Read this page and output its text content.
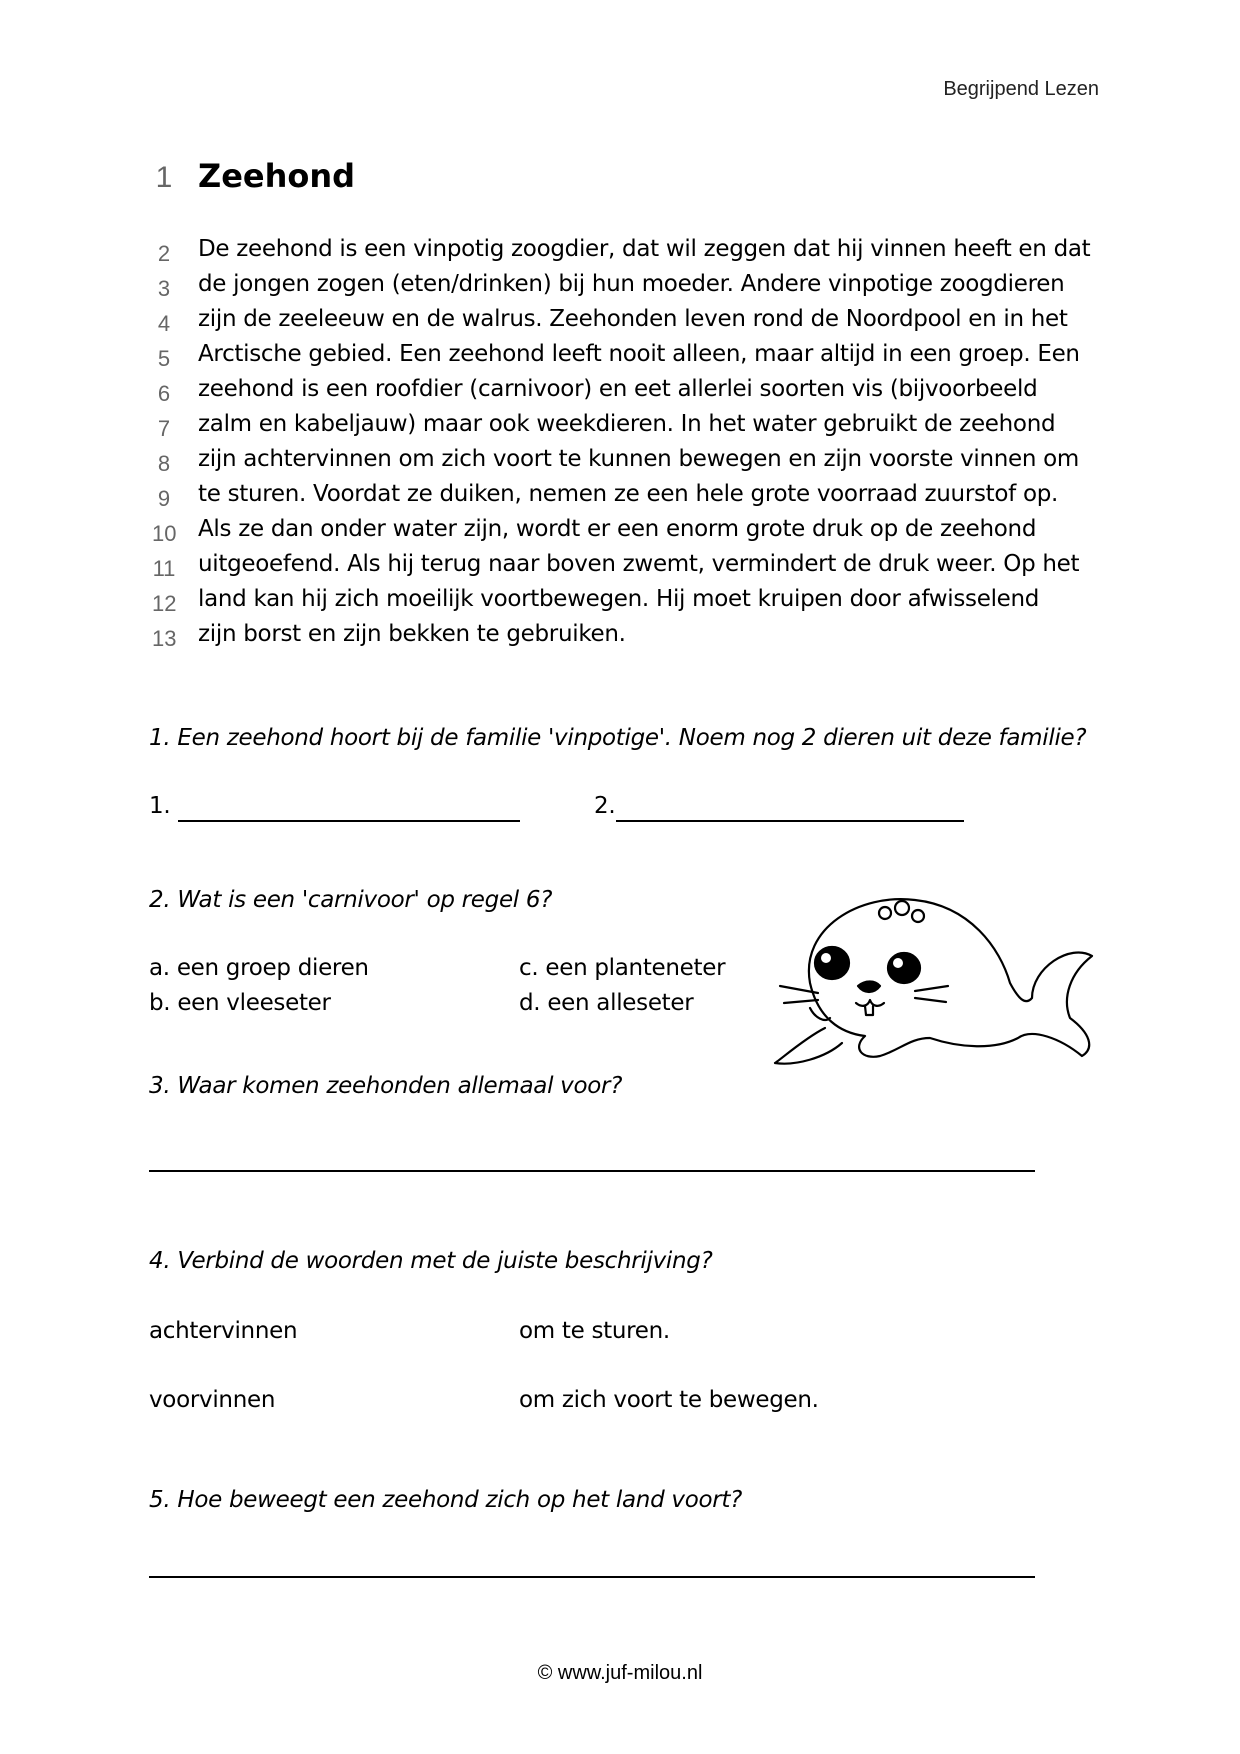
Begrijpend Lezen
1 Zeehond
2 De zeehond is een vinpotig zoogdier, dat wil zeggen dat hij vinnen heeft en dat
3 de jongen zogen (eten/drinken) bij hun moeder. Andere vinpotige zoogdieren
4 zijn de zeeleeuw en de walrus. Zeehonden leven rond de Noordpool en in het
5 Arctische gebied. Een zeehond leeft nooit alleen, maar altijd in een groep. Een
6 zeehond is een roofdier (carnivoor) en eet allerlei soorten vis (bijvoorbeeld
7 zalm en kabeljauw) maar ook weekdieren. In het water gebruikt de zeehond
8 zijn achtervinnen om zich voort te kunnen bewegen en zijn voorste vinnen om
9 te sturen. Voordat ze duiken, nemen ze een hele grote voorraad zuurstof op.
10 Als ze dan onder water zijn, wordt er een enorm grote druk op de zeehond
11 uitgeoefend. Als hij terug naar boven zwemt, vermindert de druk weer. Op het
12 land kan hij zich moeilijk voortbewegen. Hij moet kruipen door afwisselend
13 zijn borst en zijn bekken te gebruiken.
1. Een zeehond hoort bij de familie 'vinpotige'. Noem nog 2 dieren uit deze familie?
1.	2.
2. Wat is een 'carnivoor' op regel 6?
a. een groep dieren
b. een vleeseter
c. een planteneter
d. een alleseter
3. Waar komen zeehonden allemaal voor?
4. Verbind de woorden met de juiste beschrijving?
achtervinnen
voorvinnen
om te sturen.
om zich voort te bewegen.
5. Hoe beweegt een zeehond zich op het land voort?
© www.juf-milou.nl
